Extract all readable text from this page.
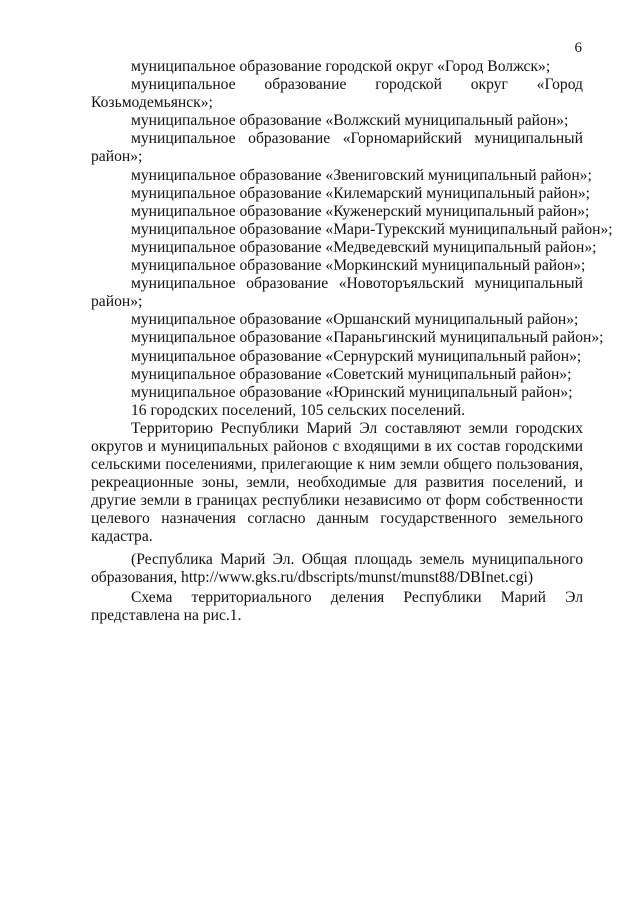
6
муниципальное образование городской округ «Город Волжск»;
муниципальное образование городской округ «Город
Козьмодемьянск»;
муниципальное образование «Волжский муниципальный район»;
муниципальное образование «Горномарийский муниципальный
район»;
муниципальное образование «Звениговский муниципальный район»;
муниципальное образование «Килемарский муниципальный район»;
муниципальное образование «Куженерский муниципальный район»;
муниципальное образование «Мари-Турекский муниципальный район»;
муниципальное образование «Медведевский муниципальный район»;
муниципальное образование «Моркинский муниципальный район»;
муниципальное образование «Новоторъяльский муниципальный
район»;
муниципальное образование «Оршанский муниципальный район»;
муниципальное образование «Параньгинский муниципальный район»;
муниципальное образование «Сернурский муниципальный район»;
муниципальное образование «Советский муниципальный район»;
муниципальное образование «Юринский муниципальный район»;
16 городских поселений, 105 сельских поселений.
Территорию Республики Марий Эл составляют земли городских
округов и муниципальных районов с входящими в их состав городскими
сельскими поселениями, прилегающие к ним земли общего пользования,
рекреационные зоны, земли, необходимые для развития поселений, и
другие земли в границах республики независимо от форм собственности
целевого назначения согласно данным государственного земельного
кадастра.
(Республика Марий Эл. Общая площадь земель муниципального
образования, http://www.gks.ru/dbscripts/munst/munst88/DBInet.cgi)
Схема территориального деления Республики Марий Эл
представлена на рис.1.
